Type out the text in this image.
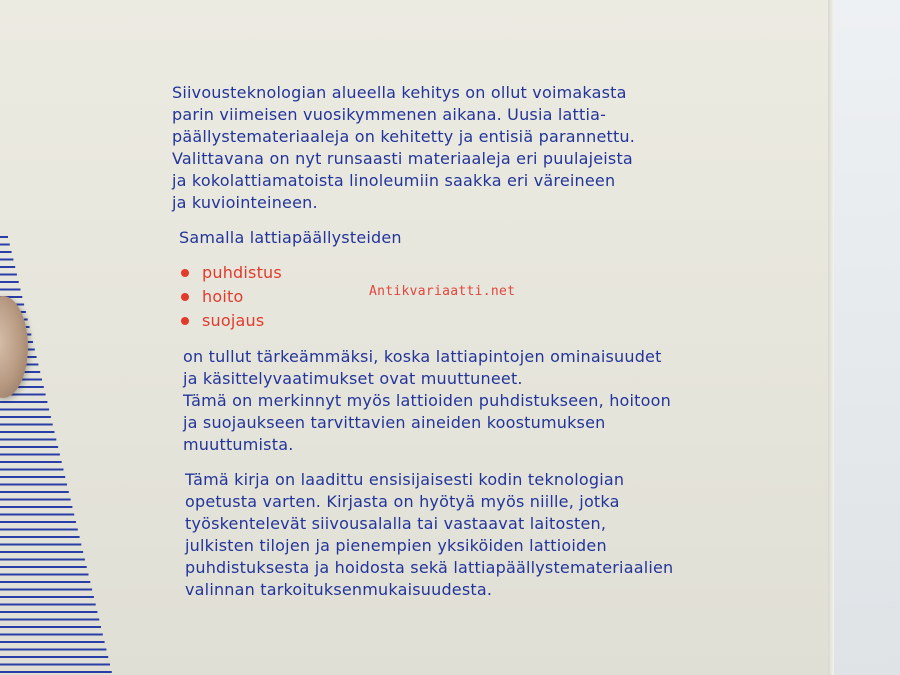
Siivousteknologian alueella kehitys on ollut voimakasta
parin viimeisen vuosikymmenen aikana. Uusia lattia-
päällystemateriaaleja on kehitetty ja entisiä parannettu.
Valittavana on nyt runsaasti materiaaleja eri puulajeista
ja kokolattiamatoista linoleumiin saakka eri väreineen
ja kuviointeineen.

Samalla lattiapäällysteiden

puhdistus
hoito
suojaus

on tullut tärkeämmäksi, koska lattiapintojen ominaisuudet
ja käsittelyvaatimukset ovat muuttuneet.
Tämä on merkinnyt myös lattioiden puhdistukseen, hoitoon
ja suojaukseen tarvittavien aineiden koostumuksen
muuttumista.

Tämä kirja on laadittu ensisijaisesti kodin teknologian
opetusta varten. Kirjasta on hyötyä myös niille, jotka
työskentelevät siivousalalla tai vastaavat laitosten,
julkisten tilojen ja pienempien yksiköiden lattioiden
puhdistuksesta ja hoidosta sekä lattiapäällystemateriaalien
valinnan tarkoituksenmukaisuudesta.

Antikvariaatti.net
